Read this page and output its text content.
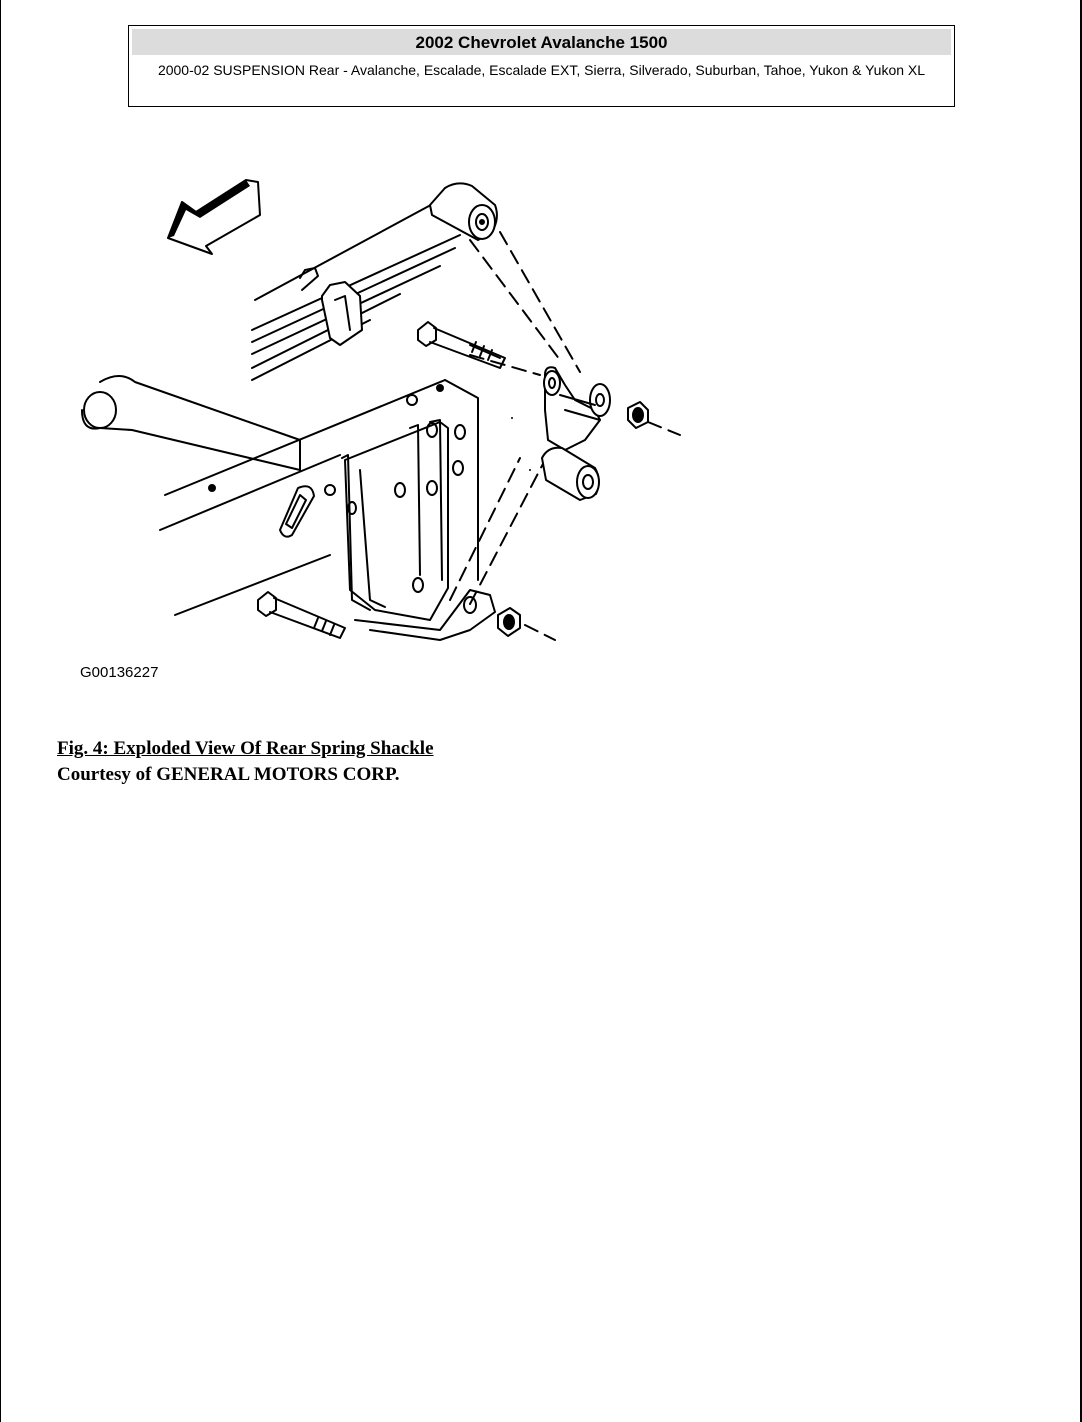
2002 Chevrolet Avalanche 1500
2000-02 SUSPENSION Rear - Avalanche, Escalade, Escalade EXT, Sierra, Silverado, Suburban, Tahoe, Yukon & Yukon XL
G00136227
Fig. 4: Exploded View Of Rear Spring Shackle
Courtesy of GENERAL MOTORS CORP.
